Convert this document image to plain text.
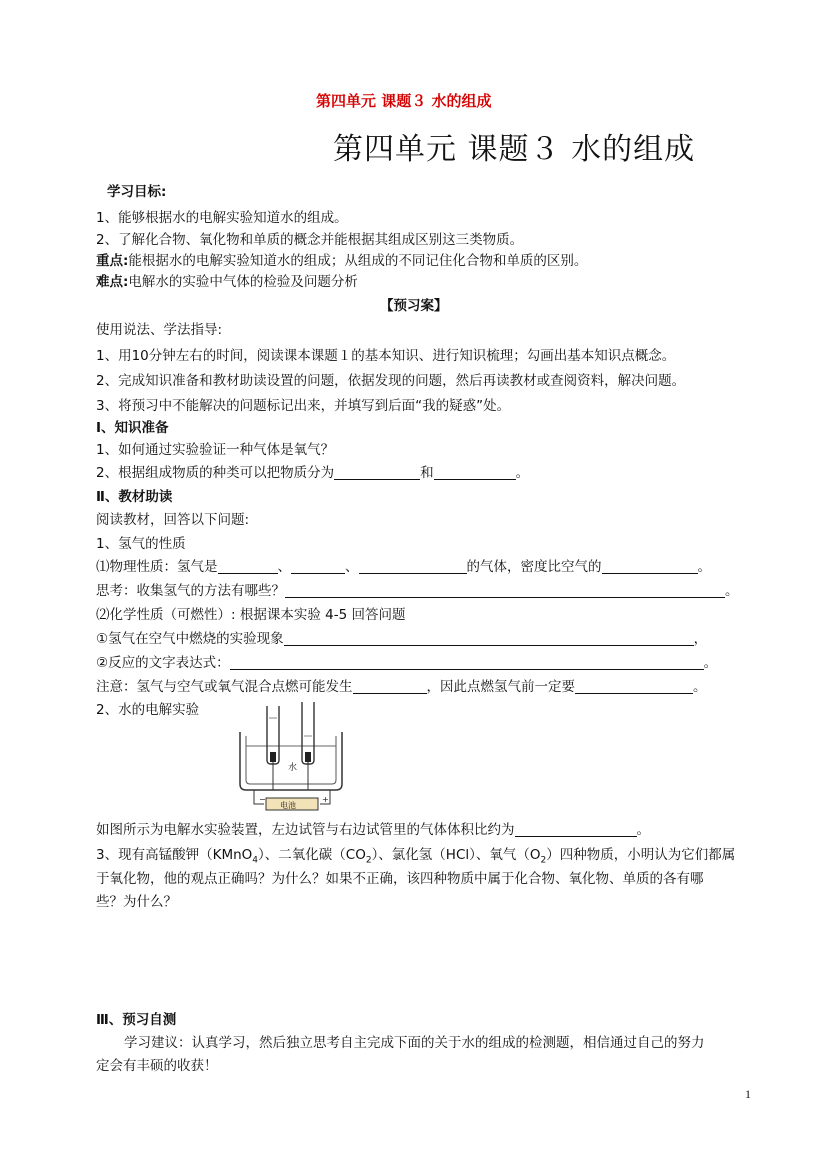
第四单元 课题３ 水的组成
第四单元 课题３ 水的组成
学习目标:
1、能够根据水的电解实验知道水的组成。
2、了解化合物、氧化物和单质的概念并能根据其组成区别这三类物质。
重点:能根据水的电解实验知道水的组成；从组成的不同记住化合物和单质的区别。
难点:电解水的实验中气体的检验及问题分析
【预习案】
使用说法、学法指导:
1、用10分钟左右的时间，阅读课本课题１的基本知识、进行知识梳理；勾画出基本知识点概念。
2、完成知识准备和教材助读设置的问题，依据发现的问题，然后再读教材或查阅资料，解决问题。
3、将预习中不能解决的问题标记出来，并填写到后面“我的疑惑”处。
Ⅰ、知识准备
1、如何通过实验验证一种气体是氧气？
2、根据组成物质的种类可以把物质分为	和	。
Ⅱ、教材助读
阅读教材，回答以下问题:
1、氢气的性质
⑴物理性质：氢气是	、	、	的气体，密度比空气的	。
思考：收集氢气的方法有哪些？	。
⑵化学性质（可燃性）: 根据课本实验 4-5 回答问题
①氢气在空气中燃烧的实验现象	，
②反应的文字表达式：	。
注意：氢气与空气或氧气混合点燃可能发生	，因此点燃氢气前一定要	。
2、水的电解实验
水
电池
−	+
如图所示为电解水实验装置，左边试管与右边试管里的气体体积比约为	。
3、现有高锰酸钾（KMnO$_4$）、二氧化碳$(CO_2)$、氯化氢（HCl）、氧气$(O_2)$四种物质，小明认为它们都属
于氧化物，他的观点正确吗？为什么？如果不正确，该四种物质中属于化合物、氧化物、单质的各有哪
些？为什么？
Ⅲ、预习自测
学习建议：认真学习，然后独立思考自主完成下面的关于水的组成的检测题，相信通过自己的努力
定会有丰硕的收获！
1
